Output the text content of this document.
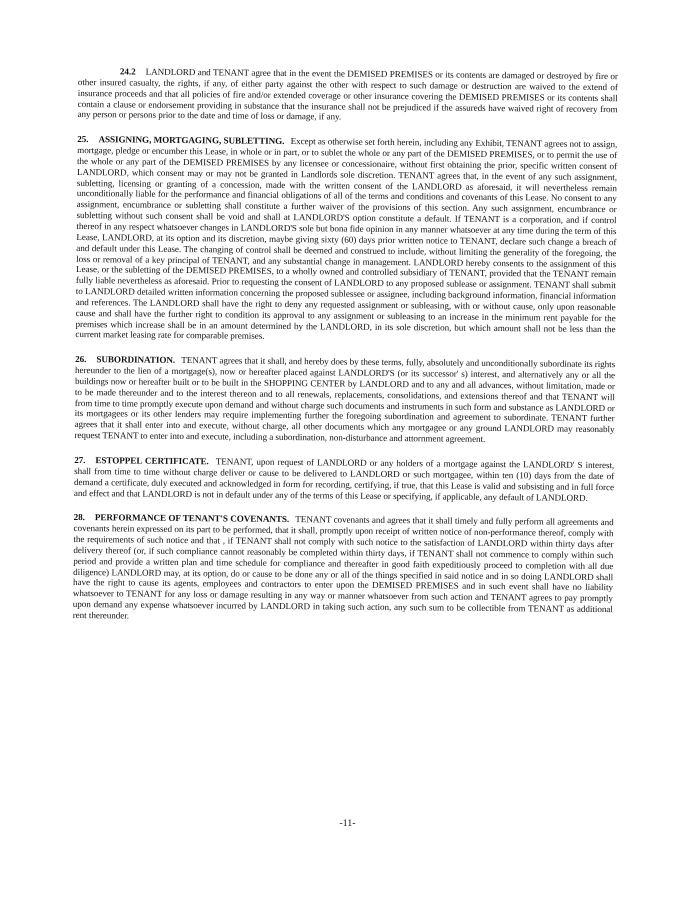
24.2 LANDLORD and TENANT agree that in the event the DEMISED PREMISES or its contents are damaged or destroyed by fire or other insured casualty, the rights, if any, of either party against the other with respect to such damage or destruction are waived to the extend of insurance proceeds and that all policies of fire and/or extended coverage or other insurance covering the DEMISED PREMISES or its contents shall contain a clause or endorsement providing in substance that the insurance shall not be prejudiced if the assureds have waived right of recovery from any person or persons prior to the date and time of loss or damage, if any.

25. ASSIGNING, MORTGAGING, SUBLETTING. Except as otherwise set forth herein, including any Exhibit, TENANT agrees not to assign, mortgage, pledge or encumber this Lease, in whole or in part, or to sublet the whole or any part of the DEMISED PREMISES, or to permit the use of the whole or any part of the DEMISED PREMISES by any licensee or concessionaire, without first obtaining the prior, specific written consent of LANDLORD, which consent may or may not be granted in Landlords sole discretion. TENANT agrees that, in the event of any such assignment, subletting, licensing or granting of a concession, made with the written consent of the LANDLORD as aforesaid, it will nevertheless remain unconditionally liable for the performance and financial obligations of all of the terms and conditions and covenants of this Lease. No consent to any assignment, encumbrance or subletting shall constitute a further waiver of the provisions of this section. Any such assignment, encumbrance or subletting without such consent shall be void and shall at LANDLORD'S option constitute a default. If TENANT is a corporation, and if control thereof in any respect whatsoever changes in LANDLORD'S sole but bona fide opinion in any manner whatsoever at any time during the term of this Lease, LANDLORD, at its option and its discretion, maybe giving sixty (60) days prior written notice to TENANT, declare such change a breach of and default under this Lease. The changing of control shall be deemed and construed to include, without limiting the generality of the foregoing, the loss or removal of a key principal of TENANT, and any substantial change in management. LANDLORD hereby consents to the assignment of this Lease, or the subletting of the DEMISED PREMISES, to a wholly owned and controlled subsidiary of TENANT, provided that the TENANT remain fully liable nevertheless as aforesaid. Prior to requesting the consent of LANDLORD to any proposed sublease or assignment. TENANT shall submit to LANDLORD detailed written information concerning the proposed sublessee or assignee, including background information, financial information and references. The LANDLORD shall have the right to deny any requested assignment or subleasing, with or without cause, only upon reasonable cause and shall have the further right to condition its approval to any assignment or subleasing to an increase in the minimum rent payable for the premises which increase shall be in an amount determined by the LANDLORD, in its sole discretion, but which amount shall not be less than the current market leasing rate for comparable premises.

26. SUBORDINATION. TENANT agrees that it shall, and hereby does by these terms, fully, absolutely and unconditionally subordinate its rights hereunder to the lien of a mortgage(s), now or hereafter placed against LANDLORD'S (or its successor' s) interest, and alternatively any or all the buildings now or hereafter built or to be built in the SHOPPING CENTER by LANDLORD and to any and all advances, without limitation, made or to be made thereunder and to the interest thereon and to all renewals, replacements, consolidations, and extensions thereof and that TENANT will from time to time promptly execute upon demand and without charge such documents and instruments in such form and substance as LANDLORD or its mortgagees or its other lenders may require implementing further the foregoing subordination and agreement to subordinate. TENANT further agrees that it shall enter into and execute, without charge, all other documents which any mortgagee or any ground LANDLORD may reasonably request TENANT to enter into and execute, including a subordination, non-disturbance and attornment agreement.

27. ESTOPPEL CERTIFICATE. TENANT, upon request of LANDLORD or any holders of a mortgage against the LANDLORD' S interest, shall from time to time without charge deliver or cause to be delivered to LANDLORD or such mortgagee, within ten (10) days from the date of demand a certificate, duly executed and acknowledged in form for recording, certifying, if true, that this Lease is valid and subsisting and in full force and effect and that LANDLORD is not in default under any of the terms of this Lease or specifying, if applicable, any default of LANDLORD.

28. PERFORMANCE OF TENANT'S COVENANTS. TENANT covenants and agrees that it shall timely and fully perform all agreements and covenants herein expressed on its part to be performed, that it shall, promptly upon receipt of written notice of non-performance thereof, comply with the requirements of such notice and that , if TENANT shall not comply with such notice to the satisfaction of LANDLORD within thirty days after delivery thereof (or, if such compliance cannot reasonably be completed within thirty days, if TENANT shall not commence to comply within such period and provide a written plan and time schedule for compliance and thereafter in good faith expeditiously proceed to completion with all due diligence) LANDLORD may, at its option, do or cause to be done any or all of the things specified in said notice and in so doing LANDLORD shall have the right to cause its agents, employees and contractors to enter upon the DEMISED PREMISES and in such event shall have no liability whatsoever to TENANT for any loss or damage resulting in any way or manner whatsoever from such action and TENANT agrees to pay promptly upon demand any expense whatsoever incurred by LANDLORD in taking such action, any such sum to be collectible from TENANT as additional rent thereunder.

-11-
